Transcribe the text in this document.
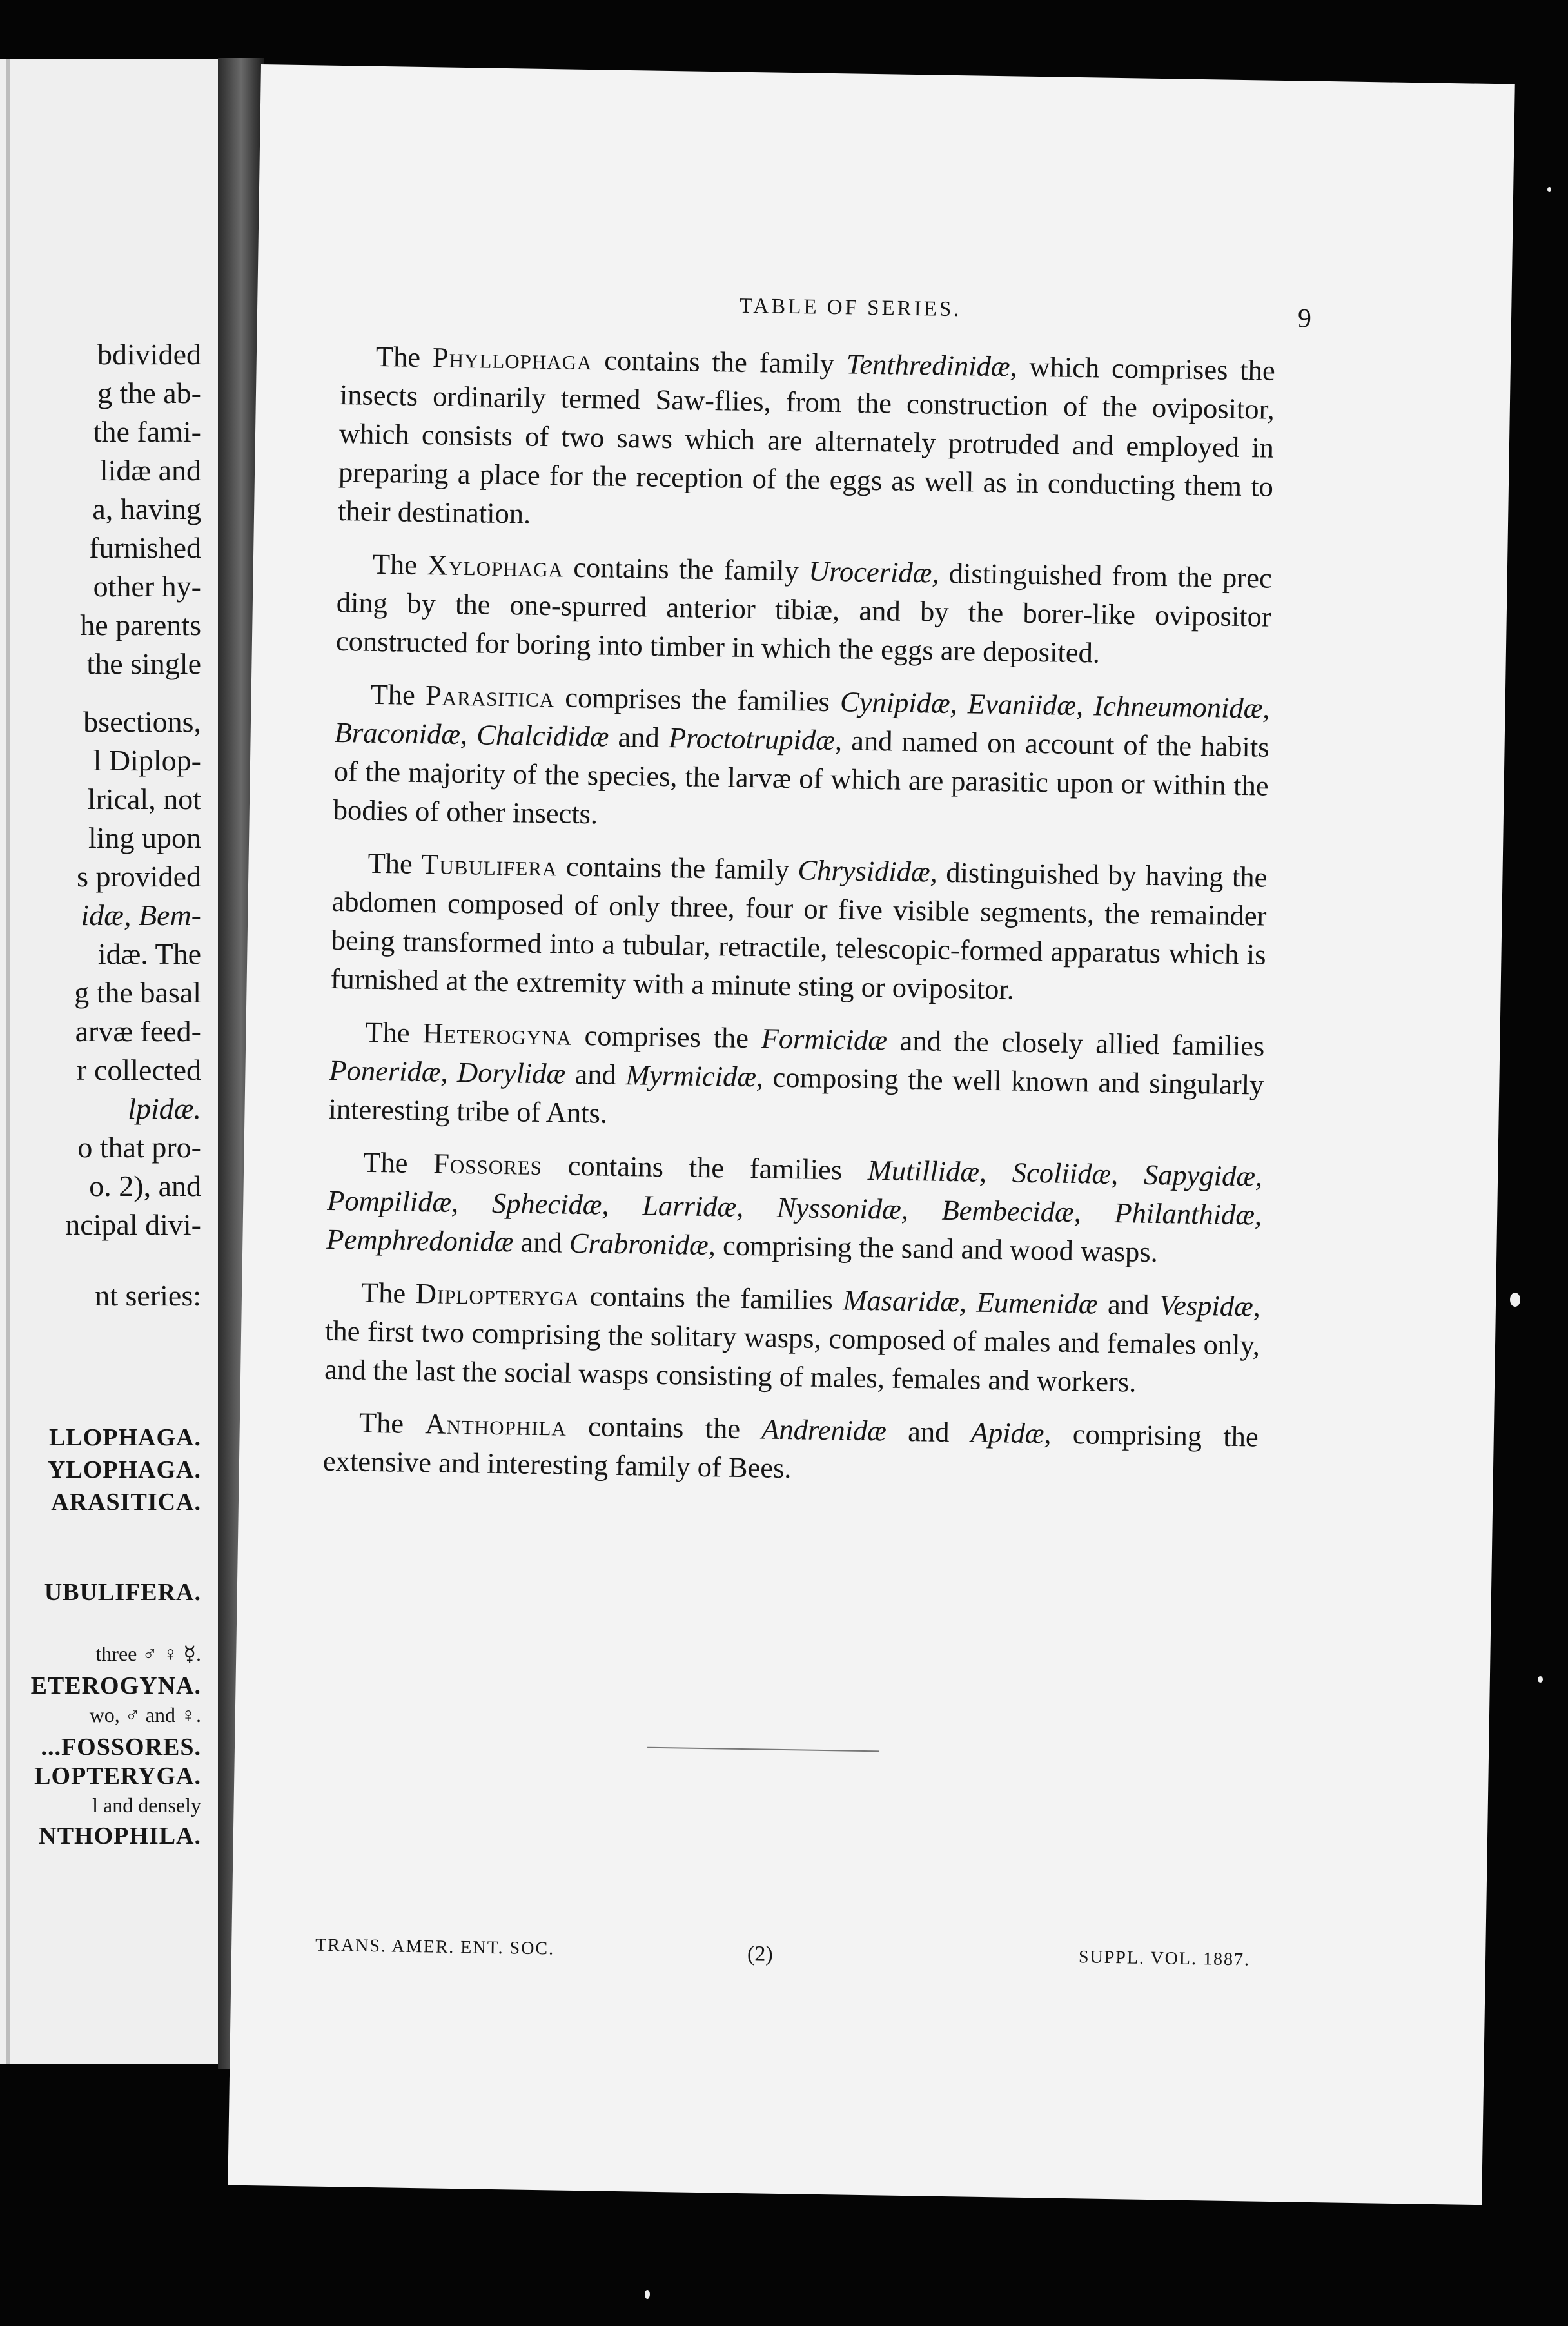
bdivided
g the ab-
the fami-
lidæ and
a, having
furnished
other hy-
he parents
the single
bsections,
l Diplop-
lrical, not
ling upon
s provided
idæ, Bem-
idæ. The
g the basal
arvæ feed-
r collected
lpidæ.
o that pro-
o. 2), and
ncipal divi-
nt series:
LLOPHAGA.
YLOPHAGA.
ARASITICA.
UBULIFERA.
three ♂ ♀ ☿.
ETEROGYNA.
wo, ♂ and ♀.
...FOSSORES.
LOPTERYGA.
l and densely
NTHOPHILA.
TABLE OF SERIES.	9

The Phyllophaga contains the family Tenthredinidæ, which comprises the insects ordinarily termed Saw-flies, from the construction of the ovipositor, which consists of two saws which are alternately protruded and employed in preparing a place for the reception of the eggs as well as in conducting them to their destination.

The Xylophaga contains the family Uroceridæ, distinguished from the prec ding by the one-spurred anterior tibiæ, and by the borer-like ovipositor constructed for boring into timber in which the eggs are deposited.

The Parasitica comprises the families Cynipidæ, Evaniidæ, Ichneumonidæ, Braconidæ, Chalcididæ and Proctotrupidæ, and named on account of the habits of the majority of the species, the larvæ of which are parasitic upon or within the bodies of other insects.

The Tubulifera contains the family Chrysididæ, distinguished by having the abdomen composed of only three, four or five visible segments, the remainder being transformed into a tubular, retractile, telescopic-formed apparatus which is furnished at the extremity with a minute sting or ovipositor.

The Heterogyna comprises the Formicidæ and the closely allied families Poneridæ, Dorylidæ and Myrmicidæ, composing the well known and singularly interesting tribe of Ants.

The Fossores contains the families Mutillidæ, Scoliidæ, Sapygidæ, Pompilidæ, Sphecidæ, Larridæ, Nyssonidæ, Bembecidæ, Philanthidæ, Pemphredonidæ and Crabronidæ, comprising the sand and wood wasps.

The Diplopteryga contains the families Masaridæ, Eumenidæ and Vespidæ, the first two comprising the solitary wasps, composed of males and females only, and the last the social wasps consisting of males, females and workers.

The Anthophila contains the Andrenidæ and Apidæ, comprising the extensive and interesting family of Bees.

TRANS. AMER. ENT. SOC.	(2)	SUPPL. VOL. 1887.
